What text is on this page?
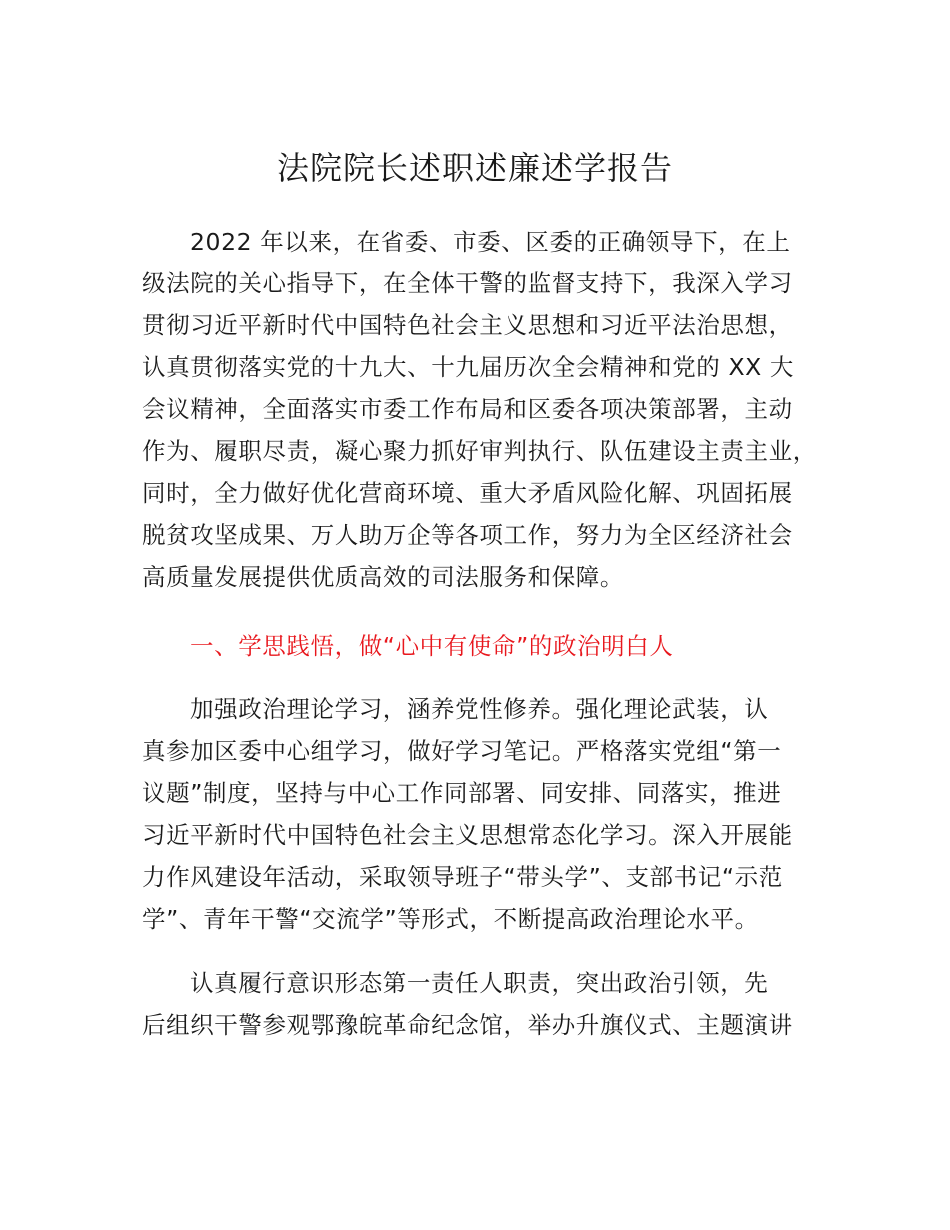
法院院长述职述廉述学报告
2022 年以来，在省委、市委、区委的正确领导下，在上
级法院的关心指导下，在全体干警的监督支持下，我深入学习
贯彻习近平新时代中国特色社会主义思想和习近平法治思想，
认真贯彻落实党的十九大、十九届历次全会精神和党的 XX 大
会议精神，全面落实市委工作布局和区委各项决策部署，主动
作为、履职尽责，凝心聚力抓好审判执行、队伍建设主责主业，
同时，全力做好优化营商环境、重大矛盾风险化解、巩固拓展
脱贫攻坚成果、万人助万企等各项工作，努力为全区经济社会
高质量发展提供优质高效的司法服务和保障。
一、学思践悟，做“心中有使命”的政治明白人
加强政治理论学习，涵养党性修养。强化理论武装，认
真参加区委中心组学习，做好学习笔记。严格落实党组“第一
议题”制度，坚持与中心工作同部署、同安排、同落实，推进
习近平新时代中国特色社会主义思想常态化学习。深入开展能
力作风建设年活动，采取领导班子“带头学”、支部书记“示范
学”、青年干警“交流学”等形式，不断提高政治理论水平。
认真履行意识形态第一责任人职责，突出政治引领，先
后组织干警参观鄂豫皖革命纪念馆，举办升旗仪式、主题演讲
